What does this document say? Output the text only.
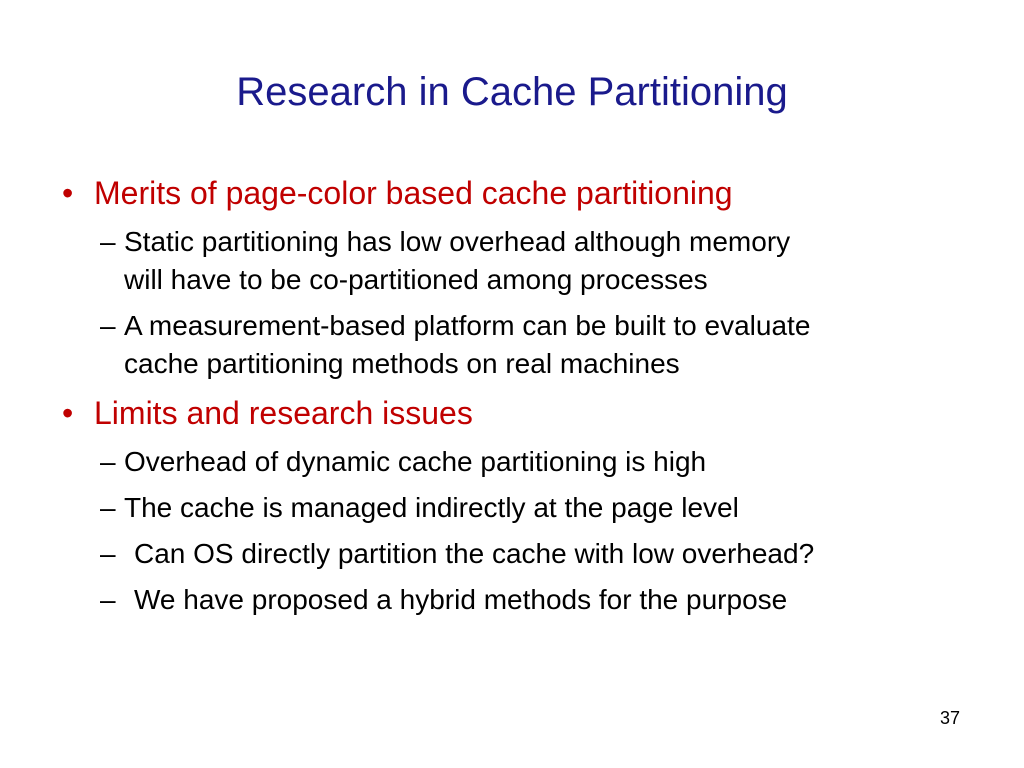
Research in Cache Partitioning
• Merits of page-color based cache partitioning
– Static partitioning has low overhead although memory
will have to be co-partitioned among processes
– A measurement-based platform can be built to evaluate
cache partitioning methods on real machines
• Limits and research issues
– Overhead of dynamic cache partitioning is high
– The cache is managed indirectly at the page level
– Can OS directly partition the cache with low overhead?
– We have proposed a hybrid methods for the purpose
37
